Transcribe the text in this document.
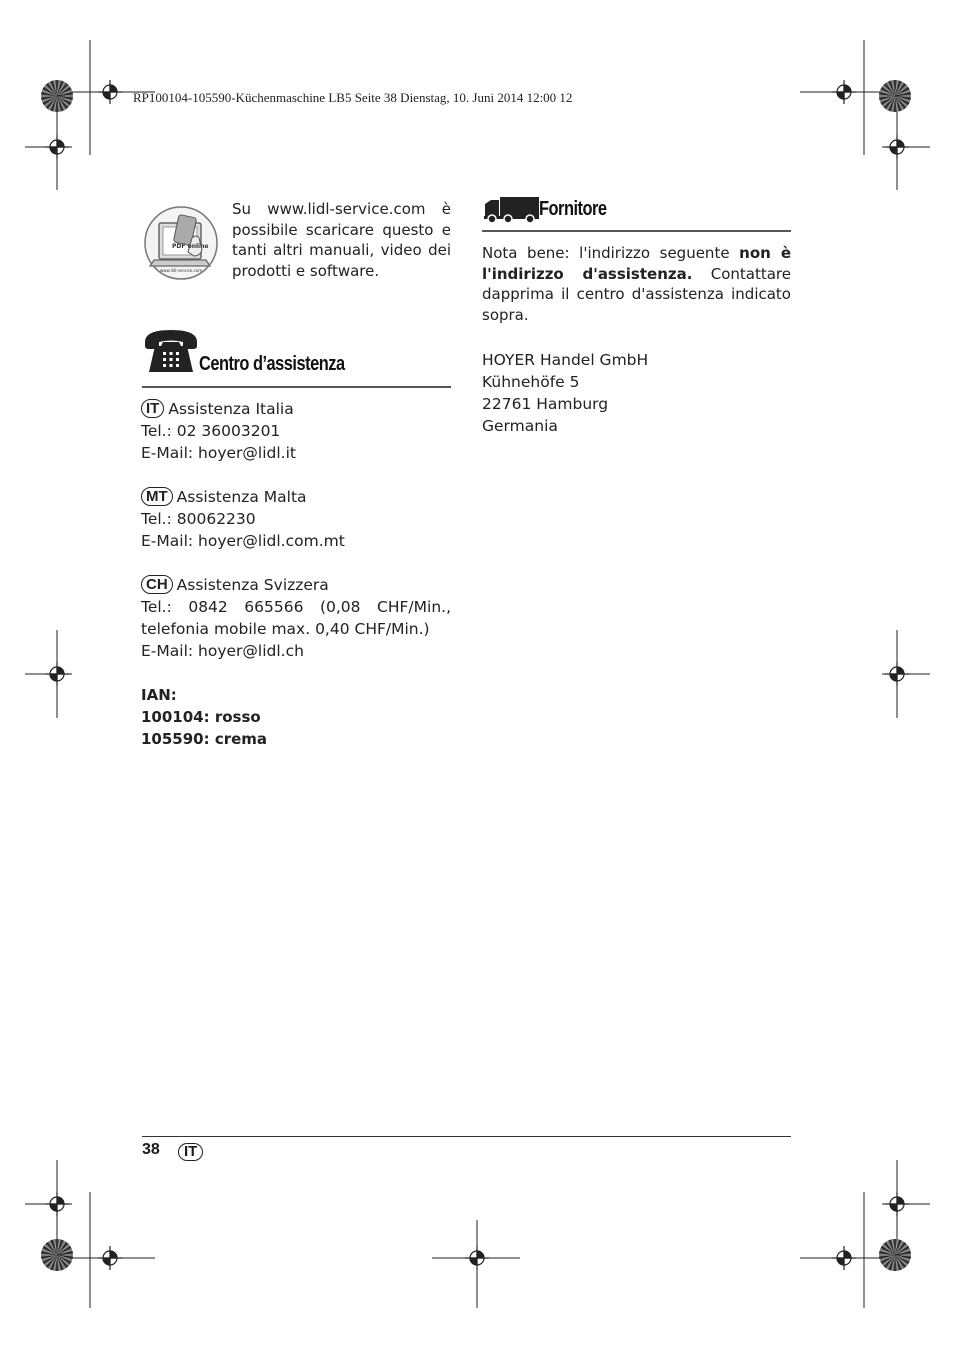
RP100104-105590-Küchenmaschine LB5 Seite 38 Dienstag, 10. Juni 2014 12:00 12
PDF online
www.lidl-service.com
Su www.lidl-service.com è possibile scaricare questo e tanti altri manuali, video dei prodotti e software.
Centro d’assistenza
IT Assistenza Italia
Tel.: 02 36003201
E-Mail: hoyer@lidl.it
MT Assistenza Malta
Tel.: 80062230
E-Mail: hoyer@lidl.com.mt
CH Assistenza Svizzera
Tel.: 0842 665566 (0,08 CHF/Min., telefonia mobile max. 0,40 CHF/Min.)
E-Mail: hoyer@lidl.ch
IAN:
100104: rosso
105590: crema
Fornitore
Nota bene: l'indirizzo seguente non è l'indirizzo d'assistenza. Contattare dapprima il centro d'assistenza indicato sopra.
HOYER Handel GmbH
Kühnehöfe 5
22761 Hamburg
Germania
38	IT
